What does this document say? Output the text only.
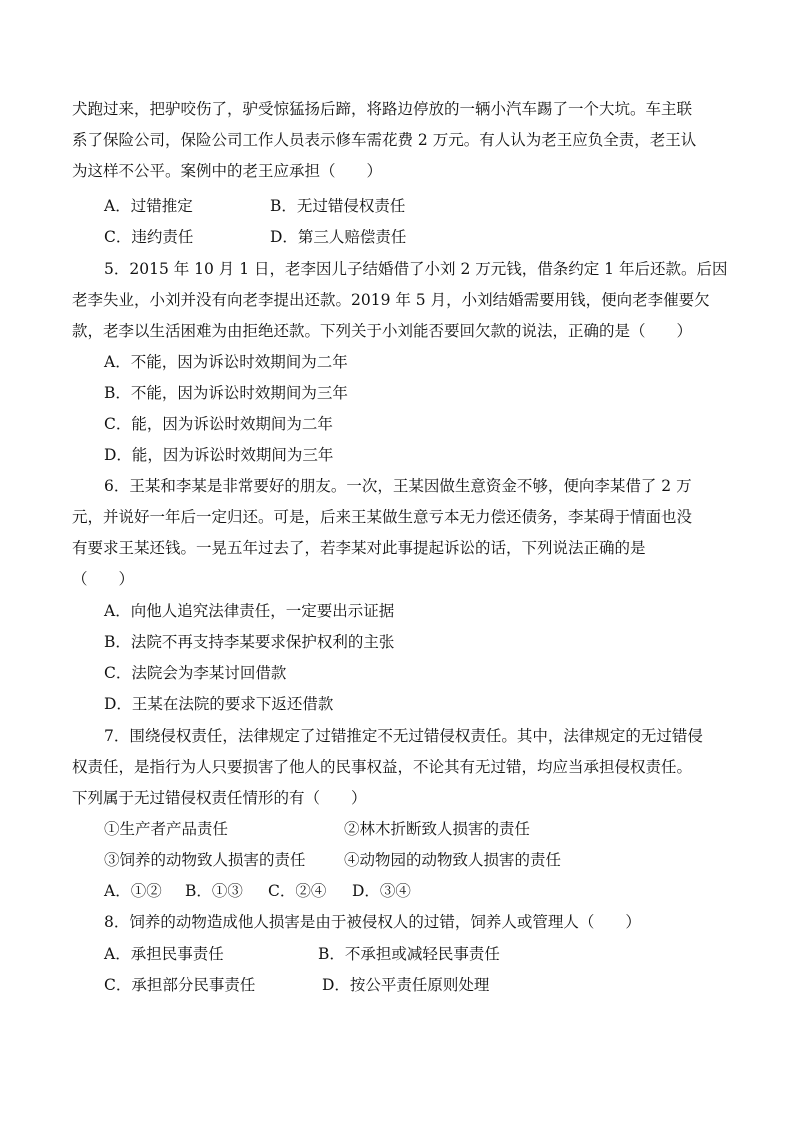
犬跑过来，把驴咬伤了，驴受惊猛扬后蹄，将路边停放的一辆小汽车踢了一个大坑。车主联
系了保险公司，保险公司工作人员表示修车需花费 2 万元。有人认为老王应负全责，老王认
为这样不公平。案例中的老王应承担（　　）
A．过错推定	B．无过错侵权责任
C．违约责任	D．第三人赔偿责任
5．2015 年 10 月 1 日，老李因儿子结婚借了小刘 2 万元钱，借条约定 1 年后还款。后因
老李失业，小刘并没有向老李提出还款。2019 年 5 月，小刘结婚需要用钱，便向老李催要欠
款，老李以生活困难为由拒绝还款。下列关于小刘能否要回欠款的说法，正确的是（　　）
A．不能，因为诉讼时效期间为二年
B．不能，因为诉讼时效期间为三年
C．能，因为诉讼时效期间为二年
D．能，因为诉讼时效期间为三年
6．王某和李某是非常要好的朋友。一次，王某因做生意资金不够，便向李某借了 2 万
元，并说好一年后一定归还。可是，后来王某做生意亏本无力偿还债务，李某碍于情面也没
有要求王某还钱。一晃五年过去了，若李某对此事提起诉讼的话，下列说法正确的是
（　　）
A．向他人追究法律责任，一定要出示证据
B．法院不再支持李某要求保护权利的主张
C．法院会为李某讨回借款
D．王某在法院的要求下返还借款
7．围绕侵权责任，法律规定了过错推定不无过错侵权责任。其中，法律规定的无过错侵
权责任，是指行为人只要损害了他人的民事权益，不论其有无过错，均应当承担侵权责任。
下列属于无过错侵权责任情形的有（　　）
①生产者产品责任	②林木折断致人损害的责任
③饲养的动物致人损害的责任 ④动物园的动物致人损害的责任
A．①② B．①③ C．②④ D．③④
8．饲养的动物造成他人损害是由于被侵权人的过错，饲养人或管理人（　　）
A．承担民事责任	B．不承担或减轻民事责任
C．承担部分民事责任	D．按公平责任原则处理
